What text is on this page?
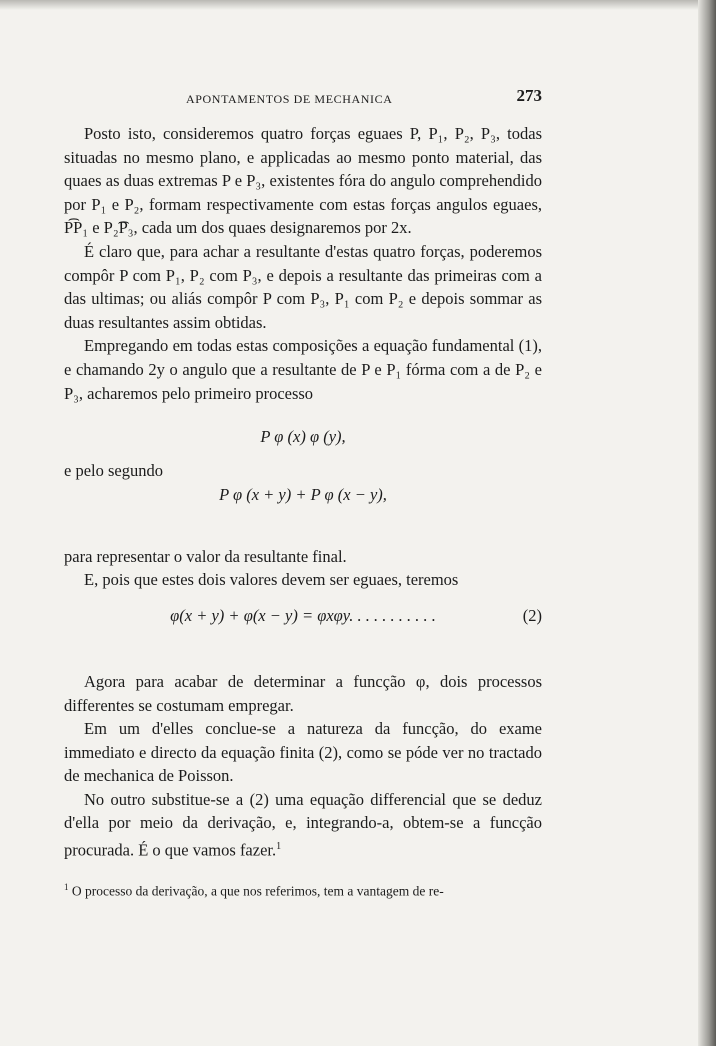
APONTAMENTOS DE MECHANICA	273

Posto isto, consideremos quatro forças eguaes P, P₁, P₂, P₃, todas situadas no mesmo plano, e applicadas ao mesmo ponto material, das quaes as duas extremas P e P₃, existentes fóra do angulo comprehendido por P₁ e P₂, formam respectivamente com estas forças angulos eguaes, P͡P₁ e P₂͡P₃, cada um dos quaes designaremos por 2x.

É claro que, para achar a resultante d'estas quatro forças, poderemos compôr P com P₁, P₂ com P₃, e depois a resultante das primeiras com a das ultimas; ou aliás compôr P com P₃, P₁ com P₂ e depois sommar as duas resultantes assim obtidas.

Empregando em todas estas composições a equação fundamental (1), e chamando 2y o angulo que a resultante de P e P₁ fórma com a de P₂ e P₃, acharemos pelo primeiro processo

P φ (x) φ (y),

e pelo segundo

P φ (x + y) + P φ (x − y),

para representar o valor da resultante final.

E, pois que estes dois valores devem ser eguaes, teremos

φ(x + y) + φ(x − y) = φxφy. . . . . . . . . . .	(2)

Agora para acabar de determinar a funcção φ, dois processos differentes se costumam empregar.

Em um d'elles conclue-se a natureza da funcção, do exame immediato e directo da equação finita (2), como se póde ver no tractado de mechanica de Poisson.

No outro substitue-se a (2) uma equação differencial que se deduz d'ella por meio da derivação, e, integrando-a, obtem-se a funcção procurada. É o que vamos fazer.$^1$

$^1$ O processo da derivação, a que nos referimos, tem a vantagem de re-
